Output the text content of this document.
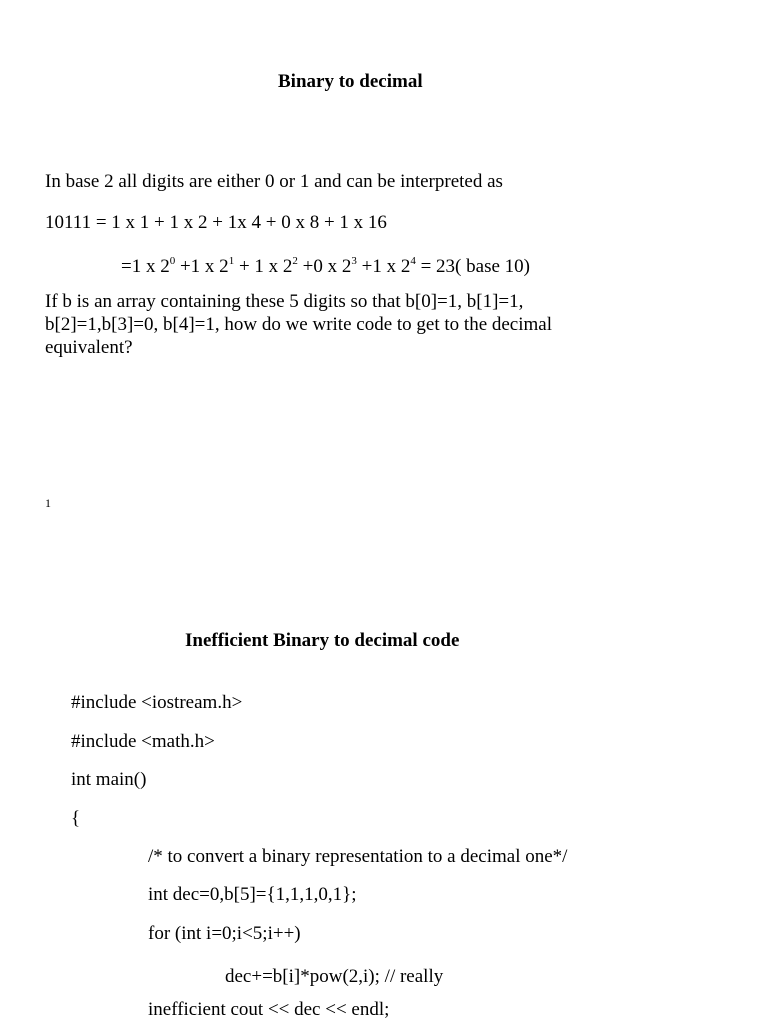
Binary to decimal
In base 2 all digits are either 0 or 1 and can be interpreted as
10111 = 1 x 1 + 1 x 2 + 1x 4 + 0 x 8 + 1 x 16
=1 x $2^0 +1$ x $2^1 + 1$ x $2^2 +0$ x $2^3 +1$ x $2^4 = 23$( base 10)
If b is an array containing these 5 digits so that b[0]=1, b[1]=1,
b[2]=1,b[3]=0, b[4]=1, how do we write code to get to the decimal
equivalent?
1
Inefficient Binary to decimal code
#include <iostream.h>
#include <math.h>
int main()
{
/* to convert a binary representation to a decimal one*/
int dec=0,b[5]={1,1,1,0,1};
for (int i=0;i<5;i++)
dec+=b[i]*pow(2,i); // really
inefficient cout << dec << endl;
